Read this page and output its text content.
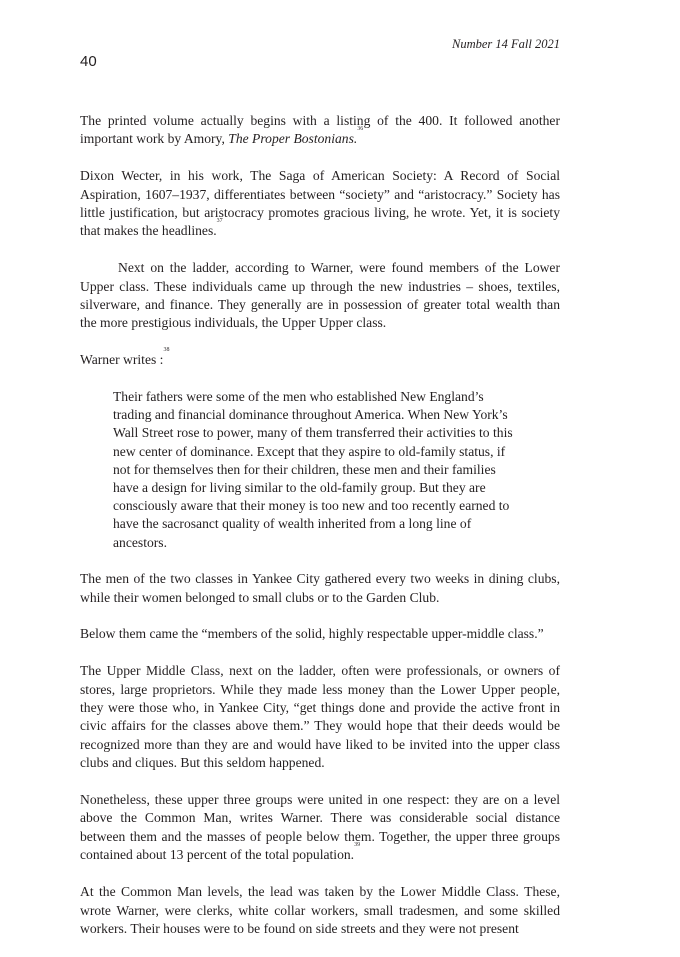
Number 14 Fall 2021
40

The printed volume actually begins with a listing of the 400. It followed another important work by Amory, The Proper Bostonians.$^{36}$

Dixon Wecter, in his work, The Saga of American Society: A Record of Social Aspiration, 1607–1937, differentiates between “society” and “aristocracy.” Society has little justification, but aristocracy promotes gracious living, he wrote. Yet, it is society that makes the headlines.$^{37}$

Next on the ladder, according to Warner, were found members of the Lower Upper class. These individuals came up through the new industries – shoes, textiles, silverware, and finance. They generally are in possession of greater total wealth than the more prestigious individuals, the Upper Upper class.

Warner writes :$^{38}$

Their fathers were some of the men who established New England’s trading and financial dominance throughout America. When New York’s Wall Street rose to power, many of them transferred their activities to this new center of dominance. Except that they aspire to old-family status, if not for themselves then for their children, these men and their families have a design for living similar to the old-family group. But they are consciously aware that their money is too new and too recently earned to have the sacrosanct quality of wealth inherited from a long line of ancestors.

The men of the two classes in Yankee City gathered every two weeks in dining clubs, while their women belonged to small clubs or to the Garden Club.

Below them came the “members of the solid, highly respectable upper-middle class.”

The Upper Middle Class, next on the ladder, often were professionals, or owners of stores, large proprietors. While they made less money than the Lower Upper people, they were those who, in Yankee City, “get things done and provide the active front in civic affairs for the classes above them.” They would hope that their deeds would be recognized more than they are and would have liked to be invited into the upper class clubs and cliques. But this seldom happened.

Nonetheless, these upper three groups were united in one respect: they are on a level above the Common Man, writes Warner. There was considerable social distance between them and the masses of people below them. Together, the upper three groups contained about 13 percent of the total population.$^{39}$

At the Common Man levels, the lead was taken by the Lower Middle Class. These, wrote Warner, were clerks, white collar workers, small tradesmen, and some skilled workers. Their houses were to be found on side streets and they were not present
